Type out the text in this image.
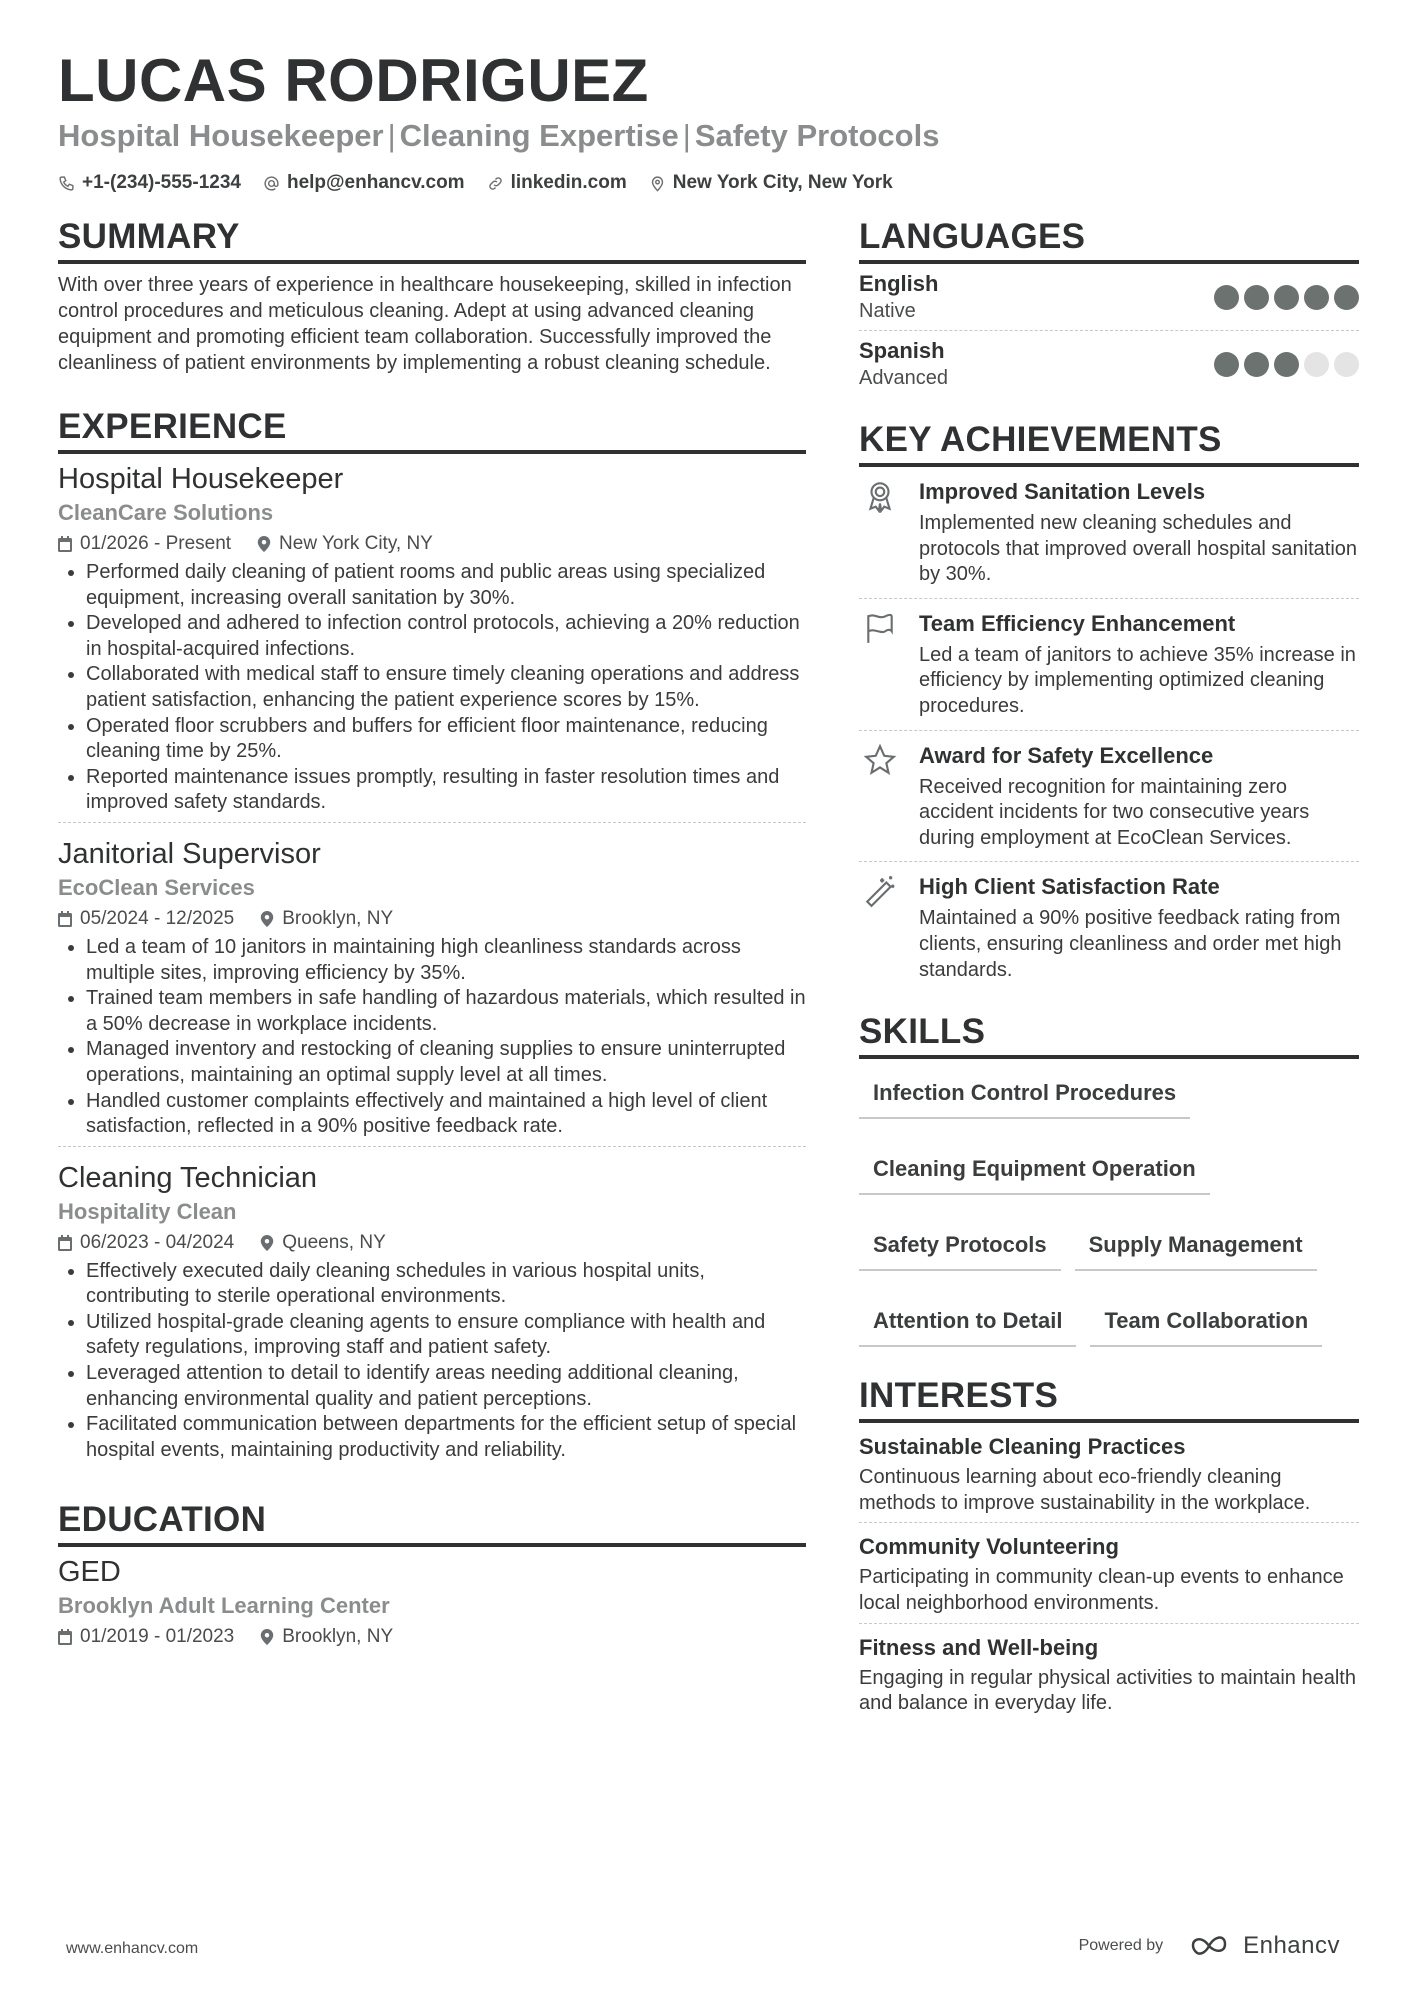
LUCAS RODRIGUEZ
Hospital Housekeeper | Cleaning Expertise | Safety Protocols
+1-(234)-555-1234 help@enhancv.com linkedin.com New York City, New York
SUMMARY
With over three years of experience in healthcare housekeeping, skilled in infection control procedures and meticulous cleaning. Adept at using advanced cleaning equipment and promoting efficient team collaboration. Successfully improved the cleanliness of patient environments by implementing a robust cleaning schedule.
EXPERIENCE
Hospital Housekeeper
CleanCare Solutions
01/2026 - Present	New York City, NY
• Performed daily cleaning of patient rooms and public areas using specialized equipment, increasing overall sanitation by 30%.
• Developed and adhered to infection control protocols, achieving a 20% reduction in hospital-acquired infections.
• Collaborated with medical staff to ensure timely cleaning operations and address patient satisfaction, enhancing the patient experience scores by 15%.
• Operated floor scrubbers and buffers for efficient floor maintenance, reducing cleaning time by 25%.
• Reported maintenance issues promptly, resulting in faster resolution times and improved safety standards.
Janitorial Supervisor
EcoClean Services
05/2024 - 12/2025	Brooklyn, NY
• Led a team of 10 janitors in maintaining high cleanliness standards across multiple sites, improving efficiency by 35%.
• Trained team members in safe handling of hazardous materials, which resulted in a 50% decrease in workplace incidents.
• Managed inventory and restocking of cleaning supplies to ensure uninterrupted operations, maintaining an optimal supply level at all times.
• Handled customer complaints effectively and maintained a high level of client satisfaction, reflected in a 90% positive feedback rate.
Cleaning Technician
Hospitality Clean
06/2023 - 04/2024	Queens, NY
• Effectively executed daily cleaning schedules in various hospital units, contributing to sterile operational environments.
• Utilized hospital-grade cleaning agents to ensure compliance with health and safety regulations, improving staff and patient safety.
• Leveraged attention to detail to identify areas needing additional cleaning, enhancing environmental quality and patient perceptions.
• Facilitated communication between departments for the efficient setup of special hospital events, maintaining productivity and reliability.
EDUCATION
GED
Brooklyn Adult Learning Center
01/2019 - 01/2023	Brooklyn, NY
LANGUAGES
English
Native
Spanish
Advanced
KEY ACHIEVEMENTS
Improved Sanitation Levels
Implemented new cleaning schedules and protocols that improved overall hospital sanitation by 30%.
Team Efficiency Enhancement
Led a team of janitors to achieve 35% increase in efficiency by implementing optimized cleaning procedures.
Award for Safety Excellence
Received recognition for maintaining zero accident incidents for two consecutive years during employment at EcoClean Services.
High Client Satisfaction Rate
Maintained a 90% positive feedback rating from clients, ensuring cleanliness and order met high standards.
SKILLS
Infection Control Procedures
Cleaning Equipment Operation
Safety Protocols	Supply Management
Attention to Detail	Team Collaboration
INTERESTS
Sustainable Cleaning Practices
Continuous learning about eco-friendly cleaning methods to improve sustainability in the workplace.
Community Volunteering
Participating in community clean-up events to enhance local neighborhood environments.
Fitness and Well-being
Engaging in regular physical activities to maintain health and balance in everyday life.
www.enhancv.com	Powered by	Enhancv
